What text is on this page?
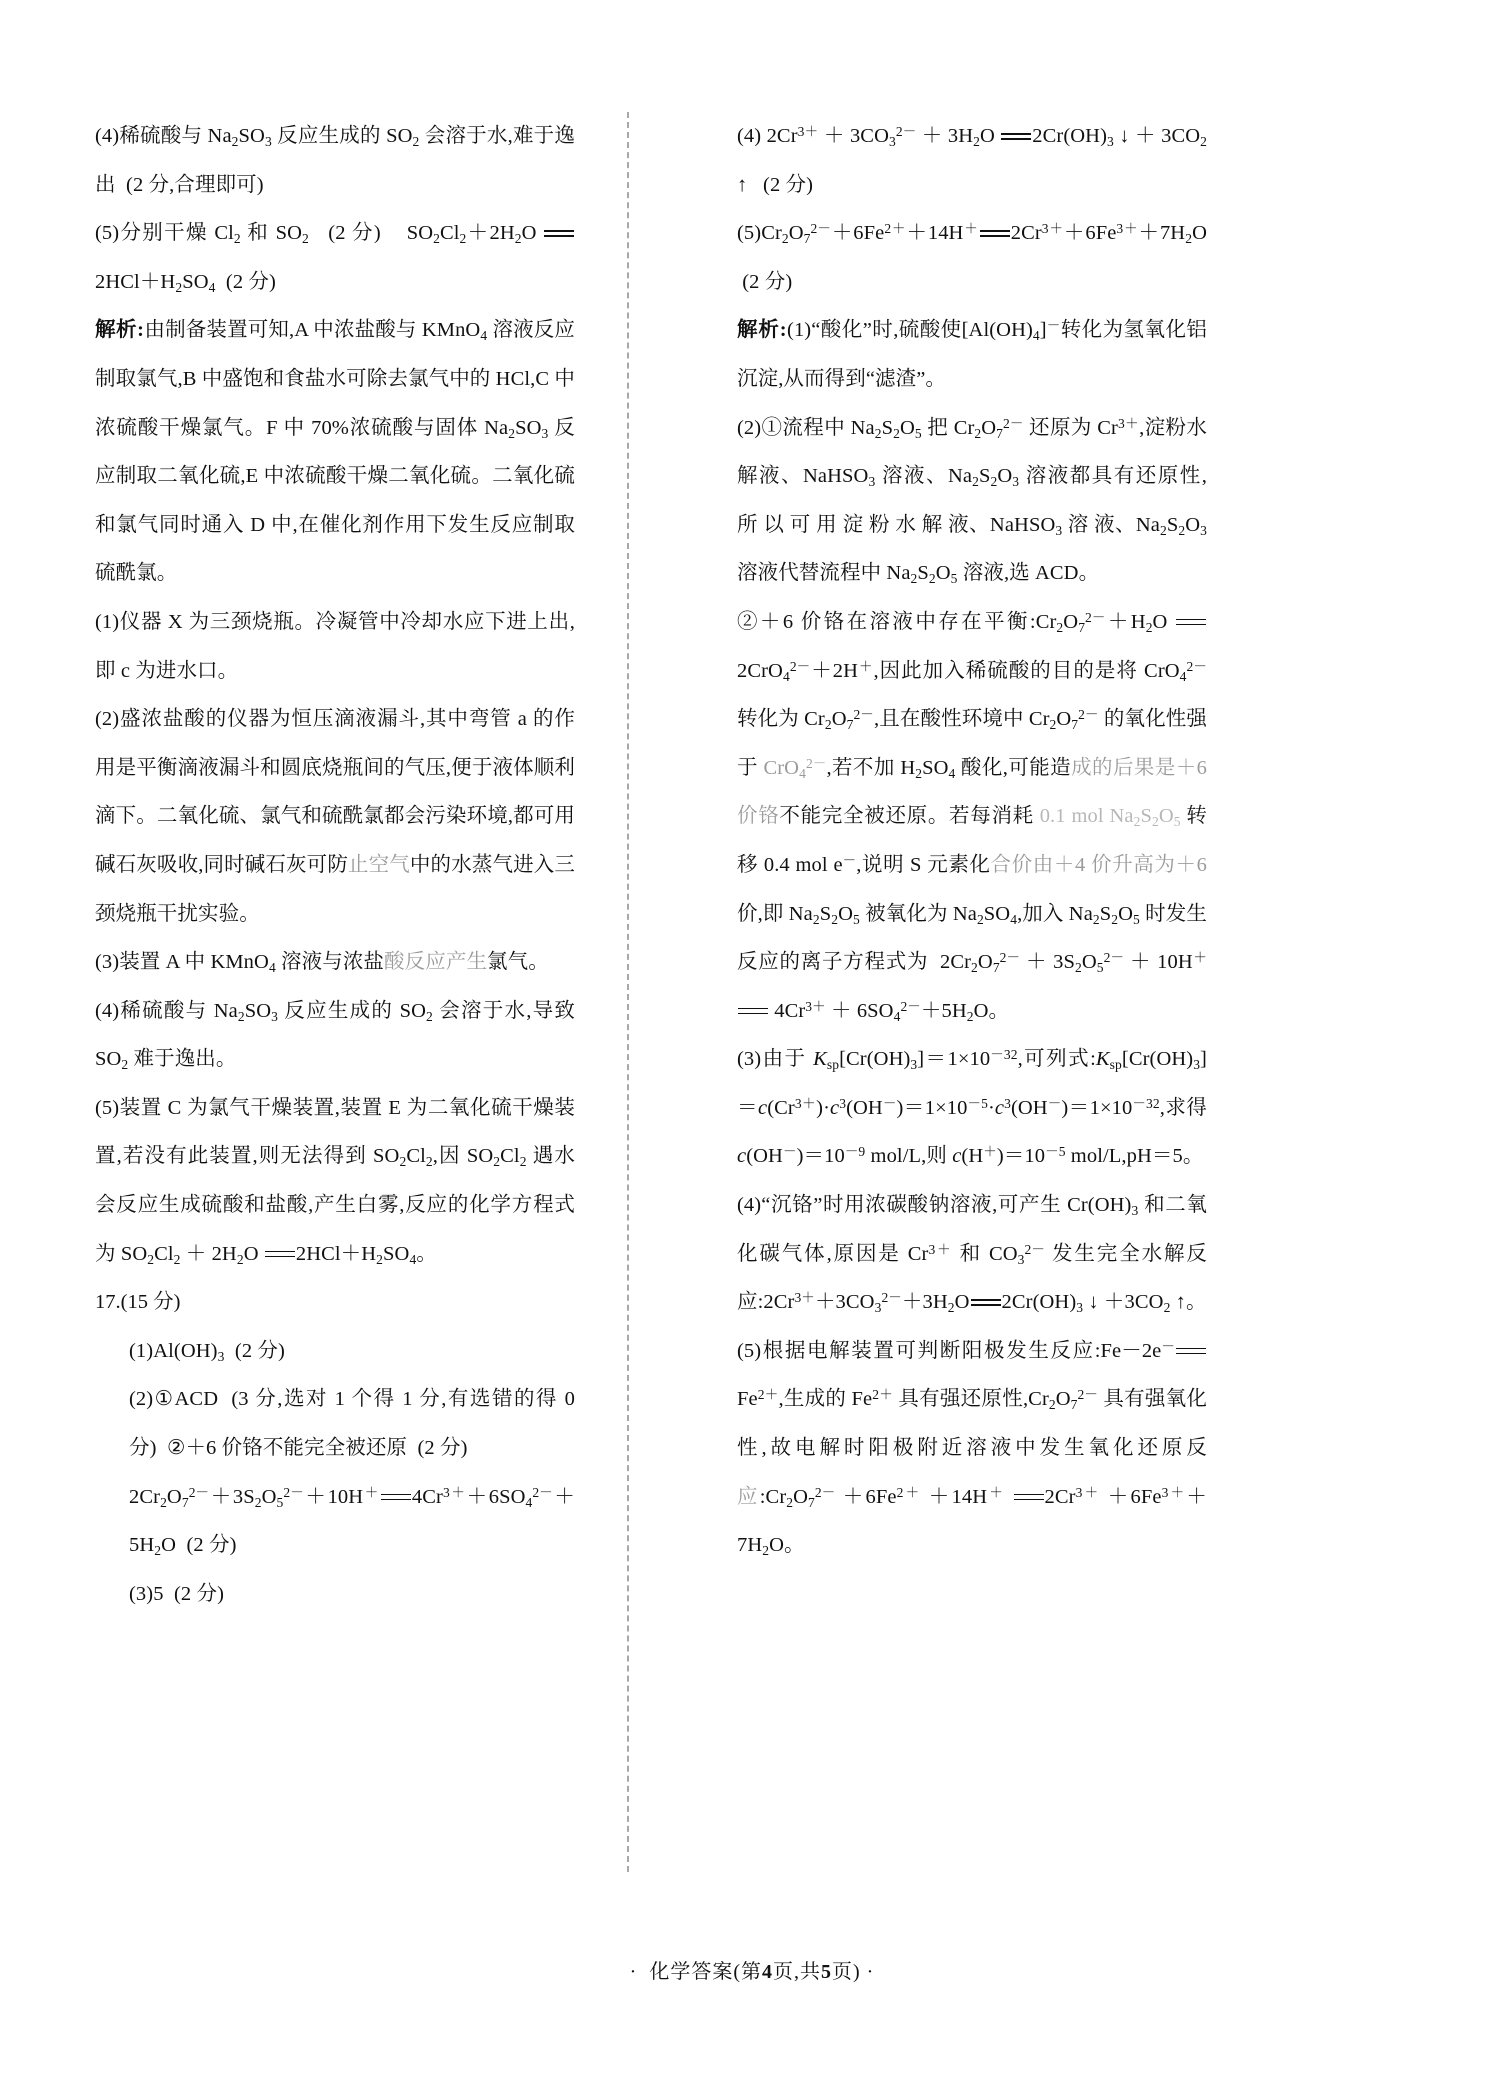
(4)稀硫酸与 $Na_2SO_3$ 反应生成的 $SO_2$ 会溶于水,难于逸出  (2 分,合理即可)

(5)分别干燥 $Cl_2$ 和 $SO_2$   (2 分)    $SO_2Cl_2+2H_2O$ $2HCl+H_2SO_4$  (2 分)

解析:由制备装置可知,A 中浓盐酸与 KMnO$_4$ 溶液反应制取氯气,B 中盛饱和食盐水可除去氯气中的 HCl,C 中浓硫酸干燥氯气。F 中 70%浓硫酸与固体 $Na_2SO_3$ 反应制取二氧化硫,E 中浓硫酸干燥二氧化硫。二氧化硫和氯气同时通入 D 中,在催化剂作用下发生反应制取硫酰氯。

(1)仪器 X 为三颈烧瓶。冷凝管中冷却水应下进上出,即 c 为进水口。

(2)盛浓盐酸的仪器为恒压滴液漏斗,其中弯管 a 的作用是平衡滴液漏斗和圆底烧瓶间的气压,便于液体顺利滴下。二氧化硫、氯气和硫酰氯都会污染环境,都可用碱石灰吸收,同时碱石灰可防止空气中的水蒸气进入三颈烧瓶干扰实验。

(3)装置 A 中 KMnO$_4$ 溶液与浓盐酸反应产生氯气。

(4)稀硫酸与 $Na_2SO_3$ 反应生成的 $SO_2$ 会溶于水,导致 $SO_2$ 难于逸出。

(5)装置 C 为氯气干燥装置,装置 E 为二氧化硫干燥装置,若没有此装置,则无法得到 $SO_2Cl_2$,因 $SO_2Cl_2$ 遇水会反应生成硫酸和盐酸,产生白雾,反应的化学方程式为 $SO_2Cl_2 + 2H_2O$ $2HCl+H_2SO_4$。

17.(15 分)

$(1)Al(OH)_3$  (2 分)

(2)①ACD  (3 分,选对 1 个得 1 分,有选错的得 0 分)  ②＋6 价铬不能完全被还原  (2 分)

$2Cr_2O_7^{2-}+3S_2O_5^{2-}+10H^+$ $4Cr^{3+}+6SO_4^{2-}+5H_2O$  (2 分)

(3)5  (2 分)

(4) $2Cr^{3+} + 3CO_3^{2-} + 3H_2O$ $2Cr(OH)_3$ ↓ ＋ $3CO_2$ ↑   (2 分)

$(5)Cr_2O_7^{2-}+6Fe^{2+}+14H^+$ $2Cr^{3+}+6Fe^{3+}+7H_2O$  (2 分)

解析:(1)“酸化”时,硫酸使$[Al(OH)_4]^-$转化为氢氧化铝沉淀,从而得到“滤渣”。

(2)①流程中 $Na_2S_2O_5$ 把 $Cr_2O_7^{2-}$ 还原为 $Cr^{3+}$,淀粉水解液、NaHSO$_3$ 溶液、$Na_2S_2O_3$ 溶液都具有还原性, 所 以 可 用 淀 粉 水 解 液、NaHSO$_3$ 溶 液、$Na_2S_2O_3$ 溶液代替流程中 $Na_2S_2O_5$ 溶液,选 ACD。

②＋6 价铬在溶液中存在平衡$:Cr_2O_7^{2-}+H_2O$ 2CrO$_4^{2-}$＋2H＋,因此加入稀硫酸的目的是将 CrO$_4^{2-}$ 转化为 $Cr_2O_7^{2-}$,且在酸性环境中 $Cr_2O_7^{2-}$ 的氧化性强于 CrO$_4^{2-}$,若不加 $H_2SO_4$ 酸化,可能造成的后果是＋6 价铬不能完全被还原。若每消耗 0.1 mol $Na_2S_2O_5$ 转移 0.4 mol e－,说明 S 元素化合价由＋4 价升高为＋6 价,即 $Na_2S_2O_5$ 被氧化为 $Na_2SO_4$,加入 $Na_2S_2O_5$ 时发生反应的离子方程式为  $2Cr_2O_7^{2-} + 3S_2O_5^{2-} + 10H^+$  $4Cr^{3+} + 6SO_4^{2-}+5H_2O$。

(3)由于 $K_{sp}[Cr(OH)_3]=1\times 10^{-32}$,可列式$:K_{sp}[Cr(OH)_3]=c(Cr^{3+})\cdot c^3(OH^-)=1\times 10^{-5}\cdot c^3(OH^-)=1\times 10^{-32}$,求得 $c(OH^-)=10^{-9}$ mol/L,则 $c(H^+)=10^{-5}$ mol/L,pH＝5。

(4)“沉铬”时用浓碳酸钠溶液,可产生 $Cr(OH)_3$ 和二氧化碳气体,原因是 $Cr^{3+}$ 和 $CO_3^{2-}$ 发生完全水解反应$:2Cr^{3+}+3CO_3^{2-}+3H_2O$ $2Cr(OH)_3$ ↓ $+3CO_2$ ↑。

(5)根据电解装置可判断阳极发生反应$:Fe-2e^-Fe^{2+}$,生成的 $Fe^{2+}$ 具有强还原性$,Cr_2O_7^{2-}$ 具有强氧化性,故电解时阳极附近溶液中发生氧化还原反应$:Cr_2O_7^{2-} +6Fe^{2+} +14H^+$ $2Cr^{3+} +6Fe^{3+}+7H_2O$。

· 化学答案(第4页,共5页) ·
